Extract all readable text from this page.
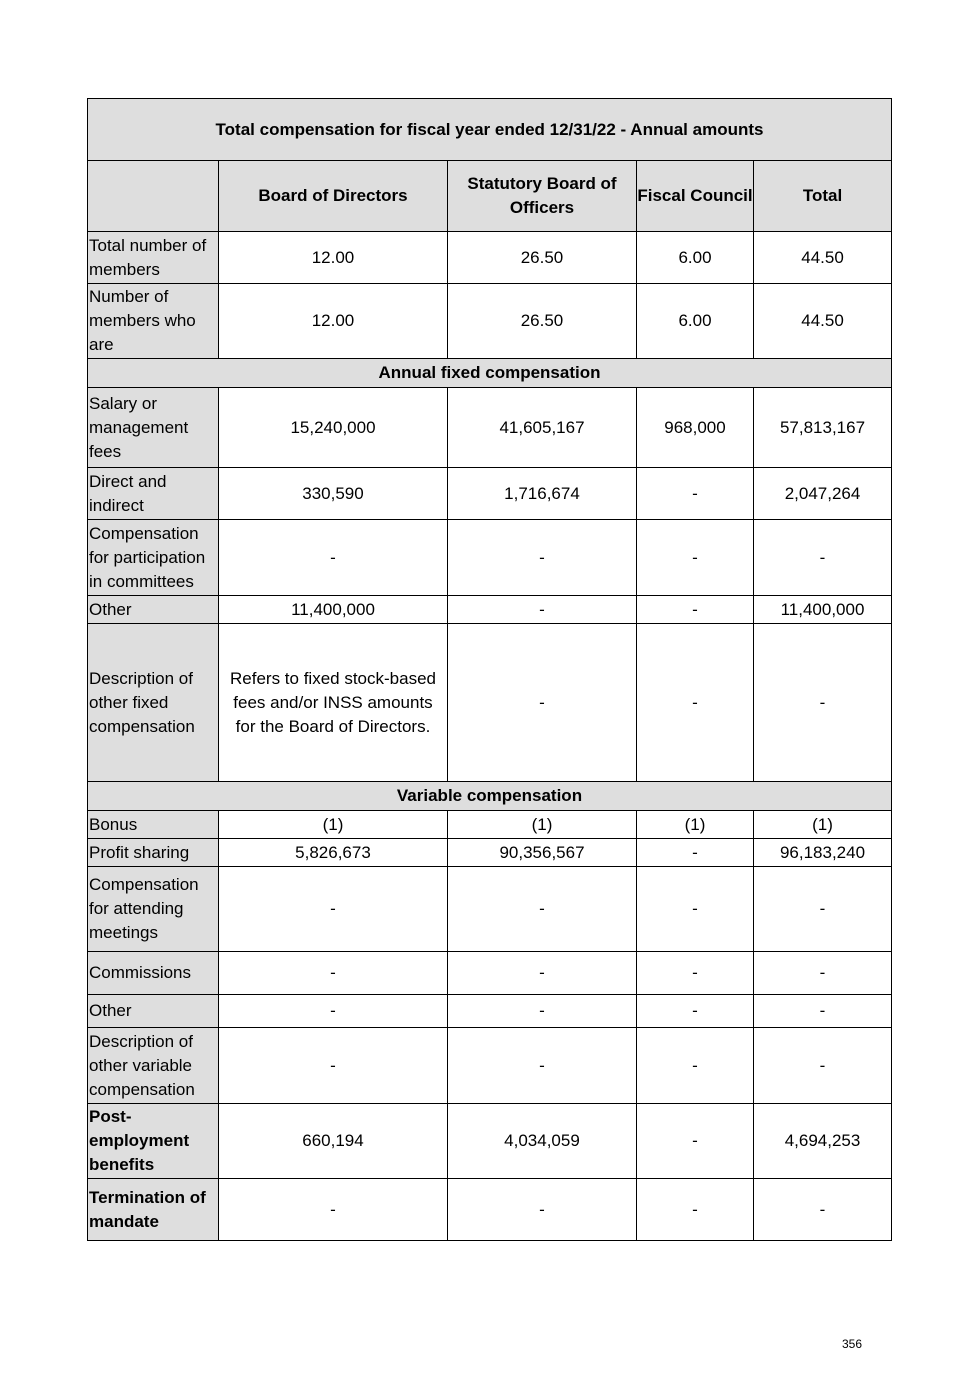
Total compensation for fiscal year ended 12/31/22 - Annual amounts				
	Board of Directors	Statutory Board of Officers	Fiscal Council	Total
Total number of members	12.00	26.50	6.00	44.50
Number of members who are	12.00	26.50	6.00	44.50
Annual fixed compensation				
Salary or management fees	15,240,000	41,605,167	968,000	57,813,167
Direct and indirect	330,590	1,716,674	-	2,047,264
Compensation for participation in committees	-	-	-	-
Other	11,400,000	-	-	11,400,000
Description of other fixed compensation	Refers to fixed stock-based fees and/or INSS amounts for the Board of Directors.	-	-	-
Variable compensation				
Bonus	(1)	(1)	(1)	(1)
Profit sharing	5,826,673	90,356,567	-	96,183,240
Compensation for attending meetings	-	-	-	-
Commissions	-	-	-	-
Other	-	-	-	-
Description of other variable compensation	-	-	-	-
Post-employment benefits	660,194	4,034,059	-	4,694,253
Termination of mandate	-	-	-	-
356
